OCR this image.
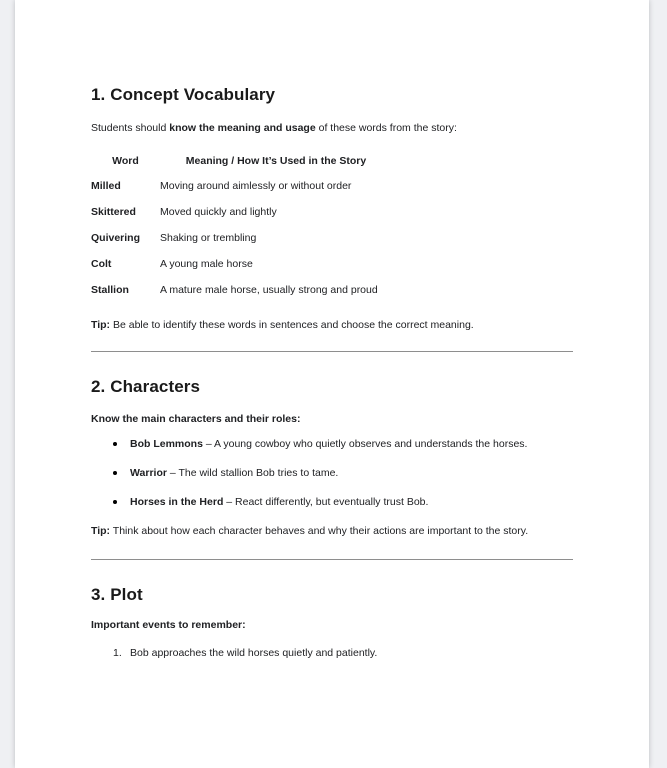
1. Concept Vocabulary

Students should know the meaning and usage of these words from the story:

Word	Meaning / How It’s Used in the Story
Milled	Moving around aimlessly or without order
Skittered	Moved quickly and lightly
Quivering	Shaking or trembling
Colt	A young male horse
Stallion	A mature male horse, usually strong and proud

Tip: Be able to identify these words in sentences and choose the correct meaning.

2. Characters

Know the main characters and their roles:

Bob Lemmons – A young cowboy who quietly observes and understands the horses.
Warrior – The wild stallion Bob tries to tame.
Horses in the Herd – React differently, but eventually trust Bob.

Tip: Think about how each character behaves and why their actions are important to the story.

3. Plot

Important events to remember:

1. Bob approaches the wild horses quietly and patiently.
